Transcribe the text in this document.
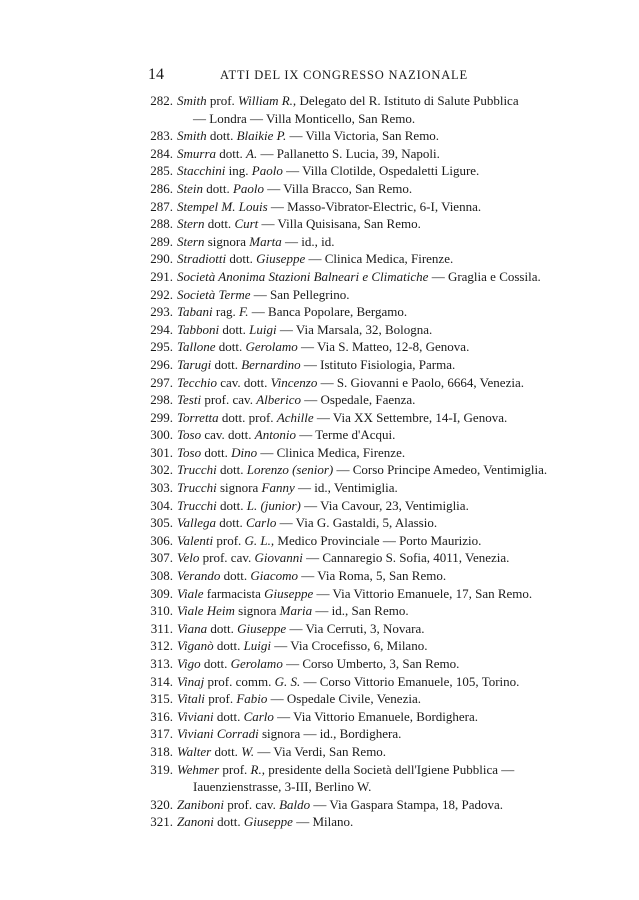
14	ATTI DEL IX CONGRESSO NAZIONALE
282. Smith prof. William R., Delegato del R. Istituto di Salute Pubblica
— Londra — Villa Monticello, San Remo.
283. Smith dott. Blaikie P. — Villa Victoria, San Remo.
284. Smurra dott. A. — Pallanetto S. Lucia, 39, Napoli.
285. Stacchini ing. Paolo — Villa Clotilde, Ospedaletti Ligure.
286. Stein dott. Paolo — Villa Bracco, San Remo.
287. Stempel M. Louis — Masso-Vibrator-Electric, 6-I, Vienna.
288. Stern dott. Curt — Villa Quisisana, San Remo.
289. Stern signora Marta — id., id.
290. Stradiotti dott. Giuseppe — Clinica Medica, Firenze.
291. Società Anonima Stazioni Balneari e Climatiche — Graglia e Cossila.
292. Società Terme — San Pellegrino.
293. Tabani rag. F. — Banca Popolare, Bergamo.
294. Tabboni dott. Luigi — Via Marsala, 32, Bologna.
295. Tallone dott. Gerolamo — Via S. Matteo, 12-8, Genova.
296. Tarugi dott. Bernardino — Istituto Fisiologia, Parma.
297. Tecchio cav. dott. Vincenzo — S. Giovanni e Paolo, 6664, Venezia.
298. Testi prof. cav. Alberico — Ospedale, Faenza.
299. Torretta dott. prof. Achille — Via XX Settembre, 14-I, Genova.
300. Toso cav. dott. Antonio — Terme d'Acqui.
301. Toso dott. Dino — Clinica Medica, Firenze.
302. Trucchi dott. Lorenzo (senior) — Corso Principe Amedeo, Ventimiglia.
303. Trucchi signora Fanny — id., Ventimiglia.
304. Trucchi dott. L. (junior) — Via Cavour, 23, Ventimiglia.
305. Vallega dott. Carlo — Via G. Gastaldi, 5, Alassio.
306. Valenti prof. G. L., Medico Provinciale — Porto Maurizio.
307. Velo prof. cav. Giovanni — Cannaregio S. Sofia, 4011, Venezia.
308. Verando dott. Giacomo — Via Roma, 5, San Remo.
309. Viale farmacista Giuseppe — Via Vittorio Emanuele, 17, San Remo.
310. Viale Heim signora Maria — id., San Remo.
311. Viana dott. Giuseppe — Via Cerruti, 3, Novara.
312. Viganò dott. Luigi — Via Crocefisso, 6, Milano.
313. Vigo dott. Gerolamo — Corso Umberto, 3, San Remo.
314. Vinaj prof. comm. G. S. — Corso Vittorio Emanuele, 105, Torino.
315. Vitali prof. Fabio — Ospedale Civile, Venezia.
316. Viviani dott. Carlo — Via Vittorio Emanuele, Bordighera.
317. Viviani Corradi signora — id., Bordighera.
318. Walter dott. W. — Via Verdi, San Remo.
319. Wehmer prof. R., presidente della Società dell'Igiene Pubblica —
Iauenzienstrasse, 3-III, Berlino W.
320. Zaniboni prof. cav. Baldo — Via Gaspara Stampa, 18, Padova.
321. Zanoni dott. Giuseppe — Milano.
